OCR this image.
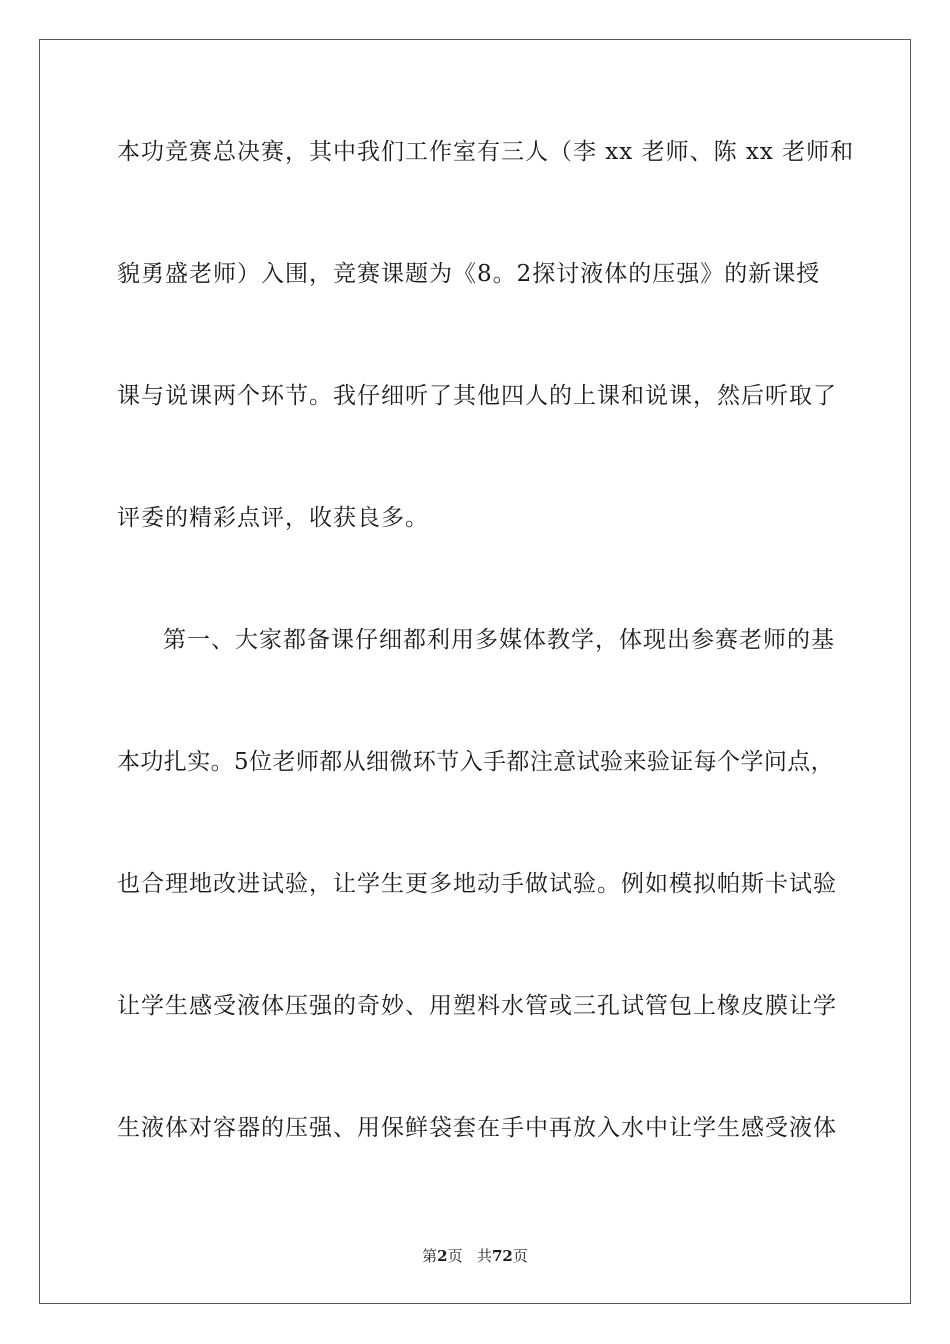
本功竞赛总决赛，其中我们工作室有三人（李 xx 老师、陈 xx 老师和
貌勇盛老师）入围，竞赛课题为《8。2探讨液体的压强》的新课授
课与说课两个环节。我仔细听了其他四人的上课和说课，然后听取了
评委的精彩点评，收获良多。
第一、大家都备课仔细都利用多媒体教学，体现出参赛老师的基
本功扎实。5位老师都从细微环节入手都注意试验来验证每个学问点，
也合理地改进试验，让学生更多地动手做试验。例如模拟帕斯卡试验
让学生感受液体压强的奇妙、用塑料水管或三孔试管包上橡皮膜让学
生液体对容器的压强、用保鲜袋套在手中再放入水中让学生感受液体
第2页 共72页
